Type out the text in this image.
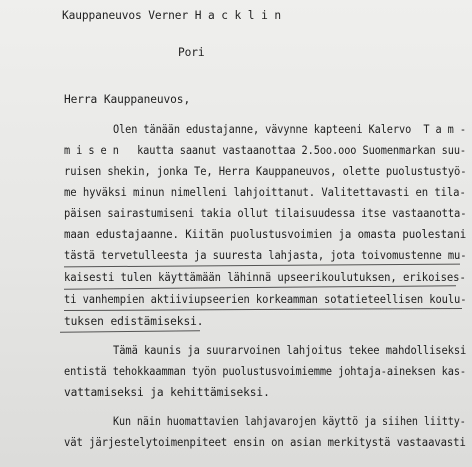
Kauppaneuvos Verner H a c k l i n
Pori
Herra Kauppaneuvos,
Olen tänään edustajanne, vävynne kapteeni Kalervo  T a m -
m i s e n   kautta saanut vastaanottaa 2.5oo.ooo Suomenmarkan suu-
ruisen shekin, jonka Te, Herra Kauppaneuvos, olette puolustustyö-
me hyväksi minun nimelleni lahjoittanut. Valitettavasti en tila-
päisen sairastumiseni takia ollut tilaisuudessa itse vastaanotta-
maan edustajaanne. Kiitän puolustusvoimien ja omasta puolestani
tästä tervetulleesta ja suuresta lahjasta, jota toivomustenne mu-
kaisesti tulen käyttämään lähinnä upseerikoulutuksen, erikoises-
ti vanhempien aktiiviupseerien korkeamman sotatieteellisen koulu-
tuksen edistämiseksi.
Tämä kaunis ja suurarvoinen lahjoitus tekee mahdolliseksi
entistä tehokkaamman työn puolustusvoimiemme johtaja-aineksen kas-
vattamiseksi ja kehittämiseksi.
Kun näin huomattavien lahjavarojen käyttö ja siihen liitty-
vät järjestelytoimenpiteet ensin on asian merkitystä vastaavasti
